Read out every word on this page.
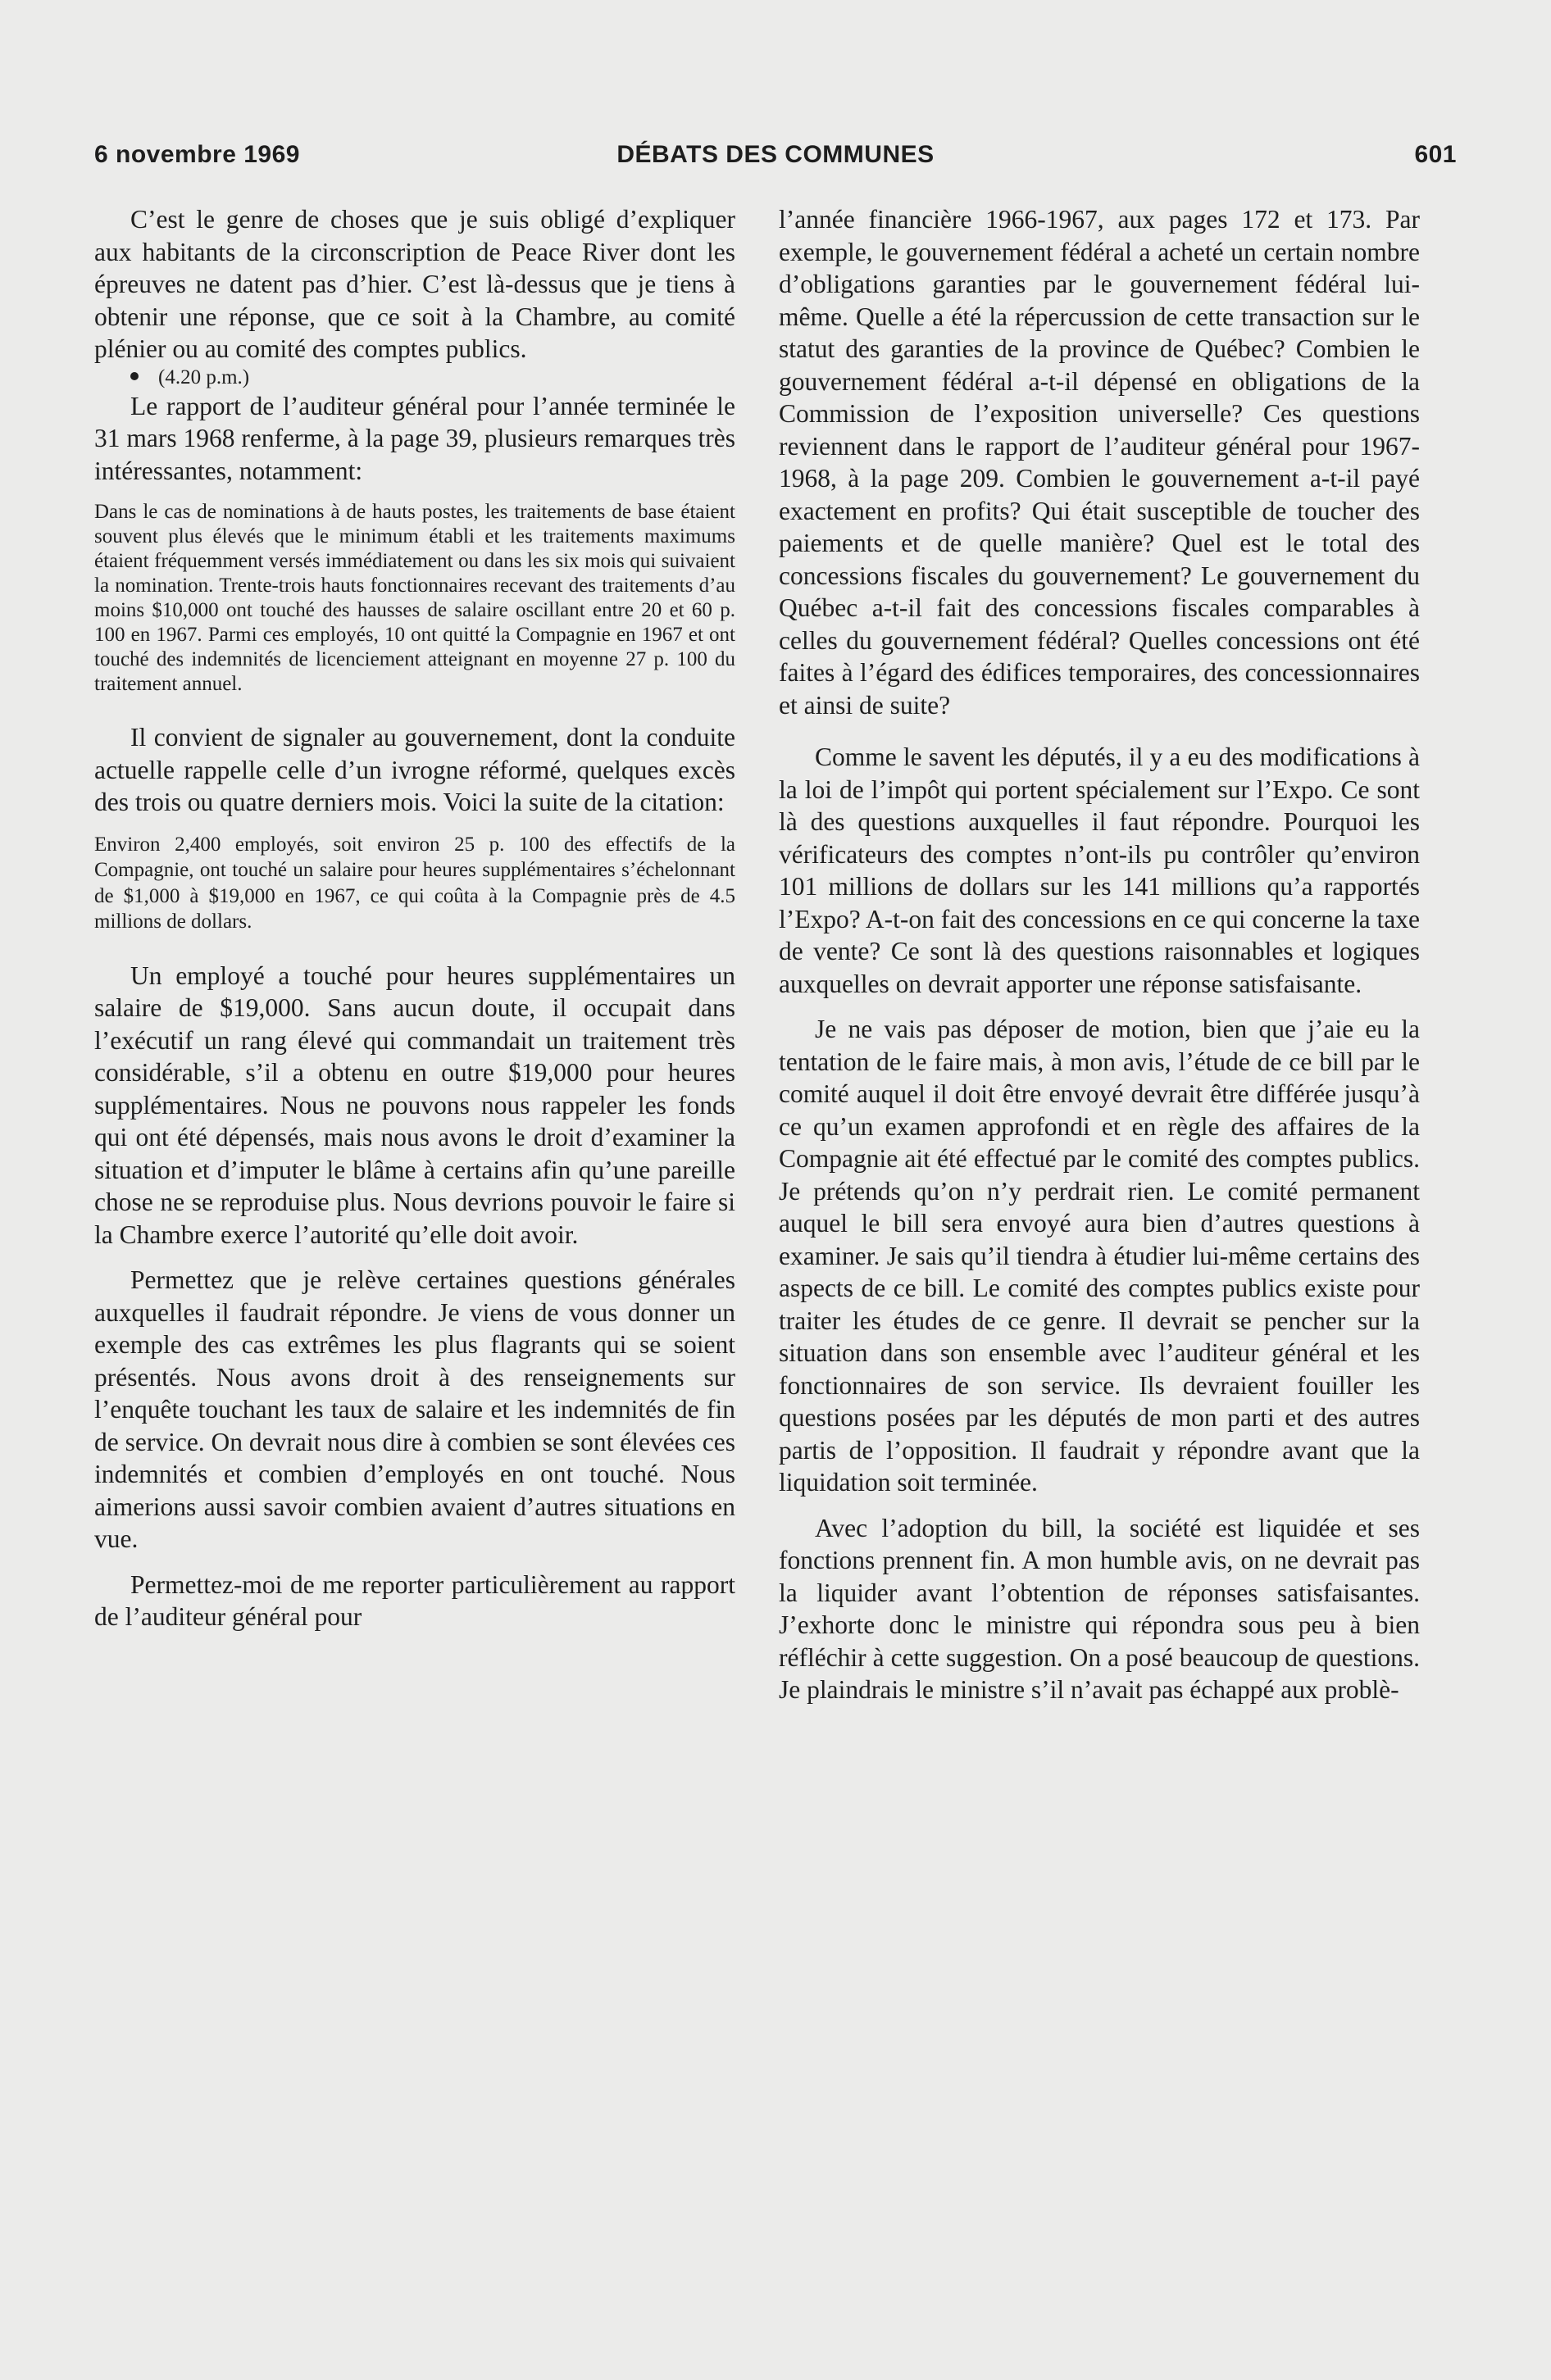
6 novembre 1969	DÉBATS DES COMMUNES	601

C’est le genre de choses que je suis obligé d’expliquer aux habitants de la circonscription de Peace River dont les épreuves ne datent pas d’hier. C’est là-dessus que je tiens à obtenir une réponse, que ce soit à la Chambre, au comité plénier ou au comité des comptes publics.

(4.20 p.m.)

Le rapport de l’auditeur général pour l’année terminée le 31 mars 1968 renferme, à la page 39, plusieurs remarques très intéressantes, notamment:

Dans le cas de nominations à de hauts postes, les traitements de base étaient souvent plus élevés que le minimum établi et les traitements maximums étaient fréquemment versés immédiatement ou dans les six mois qui suivaient la nomination. Trente-trois hauts fonctionnaires recevant des traitements d’au moins $10,000 ont touché des hausses de salaire oscillant entre 20 et 60 p. 100 en 1967. Parmi ces employés, 10 ont quitté la Compagnie en 1967 et ont touché des indemnités de licenciement atteignant en moyenne 27 p. 100 du traitement annuel.

Il convient de signaler au gouvernement, dont la conduite actuelle rappelle celle d’un ivrogne réformé, quelques excès des trois ou quatre derniers mois. Voici la suite de la citation:

Environ 2,400 employés, soit environ 25 p. 100 des effectifs de la Compagnie, ont touché un salaire pour heures supplémentaires s’échelonnant de $1,000 à $19,000 en 1967, ce qui coûta à la Compagnie près de 4.5 millions de dollars.

Un employé a touché pour heures supplémentaires un salaire de $19,000. Sans aucun doute, il occupait dans l’exécutif un rang élevé qui commandait un traitement très considérable, s’il a obtenu en outre $19,000 pour heures supplémentaires. Nous ne pouvons nous rappeler les fonds qui ont été dépensés, mais nous avons le droit d’examiner la situation et d’imputer le blâme à certains afin qu’une pareille chose ne se reproduise plus. Nous devrions pouvoir le faire si la Chambre exerce l’autorité qu’elle doit avoir.

Permettez que je relève certaines questions générales auxquelles il faudrait répondre. Je viens de vous donner un exemple des cas extrêmes les plus flagrants qui se soient présentés. Nous avons droit à des renseignements sur l’enquête touchant les taux de salaire et les indemnités de fin de service. On devrait nous dire à combien se sont élevées ces indemnités et combien d’employés en ont touché. Nous aimerions aussi savoir combien avaient d’autres situations en vue.

Permettez-moi de me reporter particulièrement au rapport de l’auditeur général pour

l’année financière 1966-1967, aux pages 172 et 173. Par exemple, le gouvernement fédéral a acheté un certain nombre d’obligations garanties par le gouvernement fédéral lui-même. Quelle a été la répercussion de cette transaction sur le statut des garanties de la province de Québec? Combien le gouvernement fédéral a-t-il dépensé en obligations de la Commission de l’exposition universelle? Ces questions reviennent dans le rapport de l’auditeur général pour 1967-1968, à la page 209. Combien le gouvernement a-t-il payé exactement en profits? Qui était susceptible de toucher des paiements et de quelle manière? Quel est le total des concessions fiscales du gouvernement? Le gouvernement du Québec a-t-il fait des concessions fiscales comparables à celles du gouvernement fédéral? Quelles concessions ont été faites à l’égard des édifices temporaires, des concessionnaires et ainsi de suite?

Comme le savent les députés, il y a eu des modifications à la loi de l’impôt qui portent spécialement sur l’Expo. Ce sont là des questions auxquelles il faut répondre. Pourquoi les vérificateurs des comptes n’ont-ils pu contrôler qu’environ 101 millions de dollars sur les 141 millions qu’a rapportés l’Expo? A-t-on fait des concessions en ce qui concerne la taxe de vente? Ce sont là des questions raisonnables et logiques auxquelles on devrait apporter une réponse satisfaisante.

Je ne vais pas déposer de motion, bien que j’aie eu la tentation de le faire mais, à mon avis, l’étude de ce bill par le comité auquel il doit être envoyé devrait être différée jusqu’à ce qu’un examen approfondi et en règle des affaires de la Compagnie ait été effectué par le comité des comptes publics. Je prétends qu’on n’y perdrait rien. Le comité permanent auquel le bill sera envoyé aura bien d’autres questions à examiner. Je sais qu’il tiendra à étudier lui-même certains des aspects de ce bill. Le comité des comptes publics existe pour traiter les études de ce genre. Il devrait se pencher sur la situation dans son ensemble avec l’auditeur général et les fonctionnaires de son service. Ils devraient fouiller les questions posées par les députés de mon parti et des autres partis de l’opposition. Il faudrait y répondre avant que la liquidation soit terminée.

Avec l’adoption du bill, la société est liquidée et ses fonctions prennent fin. A mon humble avis, on ne devrait pas la liquider avant l’obtention de réponses satisfaisantes. J’exhorte donc le ministre qui répondra sous peu à bien réfléchir à cette suggestion. On a posé beaucoup de questions. Je plaindrais le ministre s’il n’avait pas échappé aux problè-
